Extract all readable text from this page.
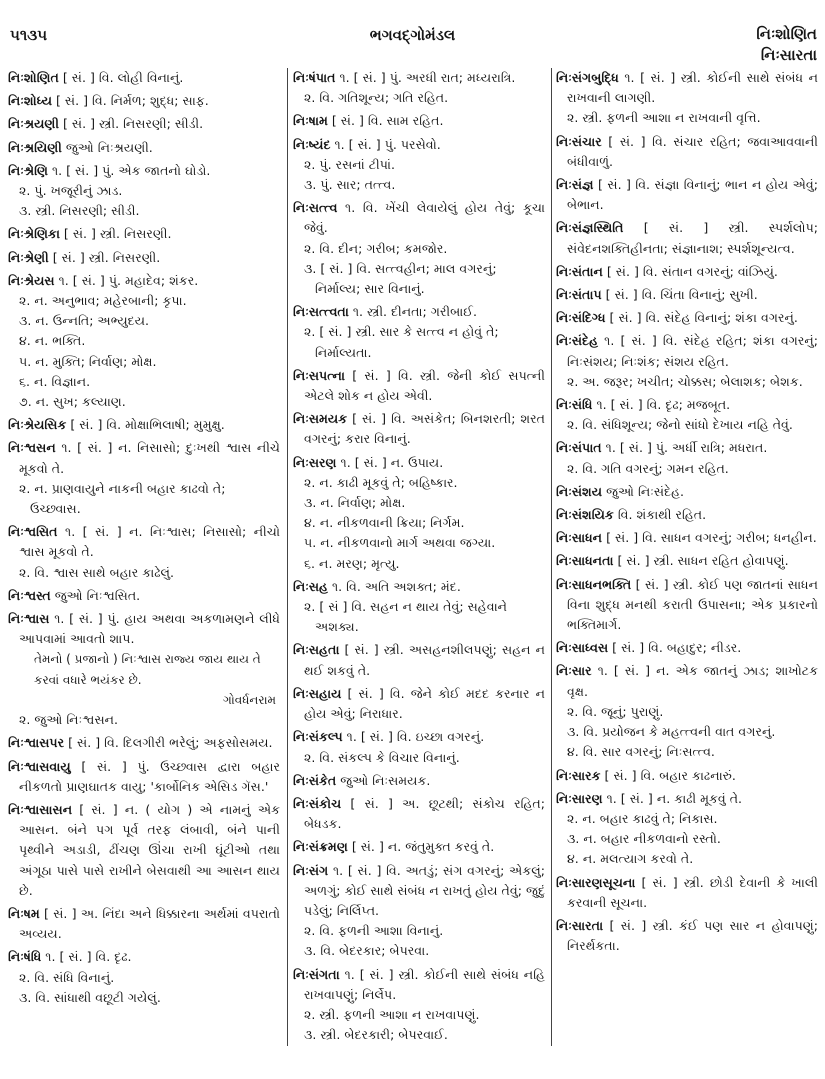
૫૧૩૫	ભગવદ્ગોમંડલ	નિઃશોણિત
નિઃસારતા
નિઃશોણિત [ સં. ] વિ. લોહી વિનાનું.
નિઃશોધ્ય [ સં. ] વિ. નિર્મળ; શુદ્ધ; સાફ.
નિઃશ્રયણી [ સં. ] સ્ત્રી. નિસરણી; સીડી.
નિઃશ્રયિણી જુઓ નિઃશ્રયણી.
નિઃશ્રેણિ ૧. [ સં. ] પું. એક જાતનો ઘોડો.
૨. પું. ખજૂરીનું ઝાડ.
૩. સ્ત્રી. નિસરણી; સીડી.
નિઃશ્રેણિકા [ સં. ] સ્ત્રી. નિસરણી.
નિઃશ્રેણી [ સં. ] સ્ત્રી. નિસરણી.
નિઃશ્રેયસ ૧. [ સં. ] પું. મહાદેવ; શંકર.
૨. ન. અનુભાવ; મહેરબાની; કૃપા.
૩. ન. ઉન્નતિ; અભ્યુદય.
૪. ન. ભક્તિ.
૫. ન. મુક્તિ; નિર્વાણ; મોક્ષ.
૬. ન. વિજ્ઞાન.
૭. ન. સુખ; કલ્યાણ.
નિઃશ્રેયસિક [ સં. ] વિ. મોક્ષાભિલાષી; મુમુક્ષુ.
નિઃશ્વસન ૧. [ સં. ] ન. નિસાસો; દુઃખથી શ્વાસ નીચે મૂકવો તે.
૨. ન. પ્રાણવાયુને નાકની બહાર કાઢવો તે; ઉચ્છ્વાસ.
નિઃશ્વસિત ૧. [ સં. ] ન. નિઃશ્વાસ; નિસાસો; નીચો શ્વાસ મૂકવો તે.
૨. વિ. શ્વાસ સાથે બહાર કાઢેલું.
નિઃશ્વસ્ત જુઓ નિઃશ્વસિત.
નિઃશ્વાસ ૧. [ સં. ] પું. હાય અથવા અકળામણને લીધે આપવામાં આવતો શાપ.
તેમનો ( પ્રજાનો ) નિઃશ્વાસ રાજ્ય જાય થાય તે કરવાં વધારે ભયંકર છે.
ગોવર્ધનરામ
૨. જુઓ નિઃશ્વસન.
નિઃશ્વાસપર [ સં. ] વિ. દિલગીરી ભરેલું; અફસોસમય.
નિઃશ્વાસવાયુ [ સં. ] પું. ઉચ્છ્વાસ દ્વારા બહાર નીકળતો પ્રાણઘાતક વાયુ; 'કાર્બોનિક એસિડ ગૅસ.'
નિઃશ્વાસાસન [ સં. ] ન. ( યોગ ) એ નામનું એક આસન. બંને પગ પૂર્વ તરફ લંબાવી, બંને પાની પૃથ્વીને અડાડી, ઢીંચણ ઊંચા રાખી ઘૂંટીઓ તથા અંગૂઠા પાસે પાસે રાખીને બેસવાથી આ આસન થાય છે.
નિઃષમ [ સં. ] અ. નિંદા અને ધિક્કારના અર્થમાં વપરાતો અવ્યય.
નિઃષંધિ ૧. [ સં. ] વિ. દૃઢ.
૨. વિ. સંધિ વિનાનું.
૩. વિ. સાંધાથી વછૂટી ગયેલું.
નિઃષંપાત ૧. [ સં. ] પું. અરધી રાત; મધ્યરાત્રિ.
૨. વિ. ગતિશૂન્ય; ગતિ રહિત.
નિઃષામ [ સં. ] વિ. સામ રહિત.
નિઃષ્યંદ ૧. [ સં. ] પું. પરસેવો.
૨. પું. રસનાં ટીપાં.
૩. પું. સાર; તત્ત્વ.
નિઃસત્ત્વ ૧. વિ. ખેંચી લેવાયેલું હોય તેવું; કૂચા જેવું.
૨. વિ. દીન; ગરીબ; કમજોર.
૩. [ સં. ] વિ. સત્ત્વહીન; માલ વગરનું; નિર્માલ્ય; સાર વિનાનું.
નિઃસત્ત્વતા ૧. સ્ત્રી. દીનતા; ગરીબાઈ.
૨. [ સં. ] સ્ત્રી. સાર કે સત્ત્વ ન હોવું તે; નિર્માલ્યતા.
નિઃસપત્ના [ સં. ] વિ. સ્ત્રી. જેની કોઈ સપત્ની એટલે શોક ન હોય એવી.
નિઃસમયક [ સં. ] વિ. અસંકેત; બિનશરતી; શરત વગરનું; કરાર વિનાનું.
નિઃસરણ ૧. [ સં. ] ન. ઉપાય.
૨. ન. કાઢી મૂકવું તે; બહિષ્કાર.
૩. ન. નિર્વાણ; મોક્ષ.
૪. ન. નીકળવાની ક્રિયા; નિર્ગમ.
૫. ન. નીકળવાનો માર્ગ અથવા જગ્યા.
૬. ન. મરણ; મૃત્યુ.
નિઃસહ ૧. વિ. અતિ અશક્ત; મંદ.
૨. [ સં ] વિ. સહન ન થાય તેવું; સહેવાને અશક્ય.
નિઃસહતા [ સં. ] સ્ત્રી. અસહનશીલપણું; સહન ન થઈ શકવું તે.
નિઃસહાય [ સં. ] વિ. જેને કોઈ મદદ કરનાર ન હોય એવું; નિરાધાર.
નિઃસંકલ્પ ૧. [ સં. ] વિ. ઇચ્છા વગરનું.
૨. વિ. સંકલ્પ કે વિચાર વિનાનું.
નિઃસંકેત જુઓ નિઃસમયક.
નિઃસંકોચ [ સં. ] અ. છૂટથી; સંકોચ રહિત; બેધડક.
નિઃસંક્રમણ [ સં. ] ન. જંતુમુક્ત કરવું તે.
નિઃસંગ ૧. [ સં. ] વિ. અતડું; સંગ વગરનું; એકલું; અળગું; કોઈ સાથે સંબંધ ન રાખતું હોય તેવું; જુદું પડેલું; નિર્લિપ્ત.
૨. વિ. ફળની આશા વિનાનું.
૩. વિ. બેદરકાર; બેપરવા.
નિઃસંગતા ૧. [ સં. ] સ્ત્રી. કોઈની સાથે સંબંધ નહિ રાખવાપણું; નિર્લેપ.
૨. સ્ત્રી. ફળની આશા ન રાખવાપણું.
૩. સ્ત્રી. બેદરકારી; બેપરવાઈ.
નિઃસંગબુદ્ધિ ૧. [ સં. ] સ્ત્રી. કોઈની સાથે સંબંધ ન રાખવાની લાગણી.
૨. સ્ત્રી. ફળની આશા ન રાખવાની વૃત્તિ.
નિઃસંચાર [ સં. ] વિ. સંચાર રહિત; જવાઆવવાની બંધીવાળું.
નિઃસંજ્ઞ [ સં. ] વિ. સંજ્ઞા વિનાનું; ભાન ન હોય એવું; બેભાન.
નિઃસંજ્ઞસ્થિતિ [ સં. ] સ્ત્રી. સ્પર્શલોપ; સંવેદનશક્તિહીનતા; સંજ્ઞાનાશ; સ્પર્શશૂન્યત્વ.
નિઃસંતાન [ સં. ] વિ. સંતાન વગરનું; વાંઝિયું.
નિઃસંતાપ [ સં. ] વિ. ચિંતા વિનાનું; સુખી.
નિઃસંદિગ્ધ [ સં. ] વિ. સંદેહ વિનાનું; શંકા વગરનું.
નિઃસંદેહ ૧. [ સં. ] વિ. સંદેહ રહિત; શંકા વગરનું; નિઃસંશય; નિઃશંક; સંશય રહિત.
૨. અ. જરૂર; ખચીત; ચોક્કસ; બેલાશક; બેશક.
નિઃસંધિ ૧. [ સં. ] વિ. દૃઢ; મજબૂત.
૨. વિ. સંધિશૂન્ય; જેનો સાંધો દેખાય નહિ તેવું.
નિઃસંપાત ૧. [ સં. ] પું. અર્ધી રાત્રિ; મધરાત.
૨. વિ. ગતિ વગરનું; ગમન રહિત.
નિઃસંશય જુઓ નિઃસંદેહ.
નિઃસંશયિક વિ. શંકાથી રહિત.
નિઃસાધન [ સં. ] વિ. સાધન વગરનું; ગરીબ; ધનહીન.
નિઃસાધનતા [ સં. ] સ્ત્રી. સાધન રહિત હોવાપણું.
નિઃસાધનભક્તિ [ સં. ] સ્ત્રી. કોઈ પણ જાતનાં સાધન વિના શુદ્ધ મનથી કરાતી ઉપાસના; એક પ્રકારનો ભક્તિમાર્ગ.
નિઃસાધ્વસ [ સં. ] વિ. બહાદુર; નીડર.
નિઃસાર ૧. [ સં. ] ન. એક જાતનું ઝાડ; શાખોટક વૃક્ષ.
૨. વિ. જૂનું; પુરાણું.
૩. વિ. પ્રયોજન કે મહત્ત્વની વાત વગરનું.
૪. વિ. સાર વગરનું; નિઃસત્ત્વ.
નિઃસારક [ સં. ] વિ. બહાર કાઢનારું.
નિઃસારણ ૧. [ સં. ] ન. કાઢી મૂકવું તે.
૨. ન. બહાર કાઢવું તે; નિકાસ.
૩. ન. બહાર નીકળવાનો રસ્તો.
૪. ન. મલત્યાગ કરવો તે.
નિઃસારણસૂચના [ સં. ] સ્ત્રી. છોડી દેવાની કે ખાલી કરવાની સૂચના.
નિઃસારતા [ સં. ] સ્ત્રી. કંઈ પણ સાર ન હોવાપણું; નિરર્થકતા.
